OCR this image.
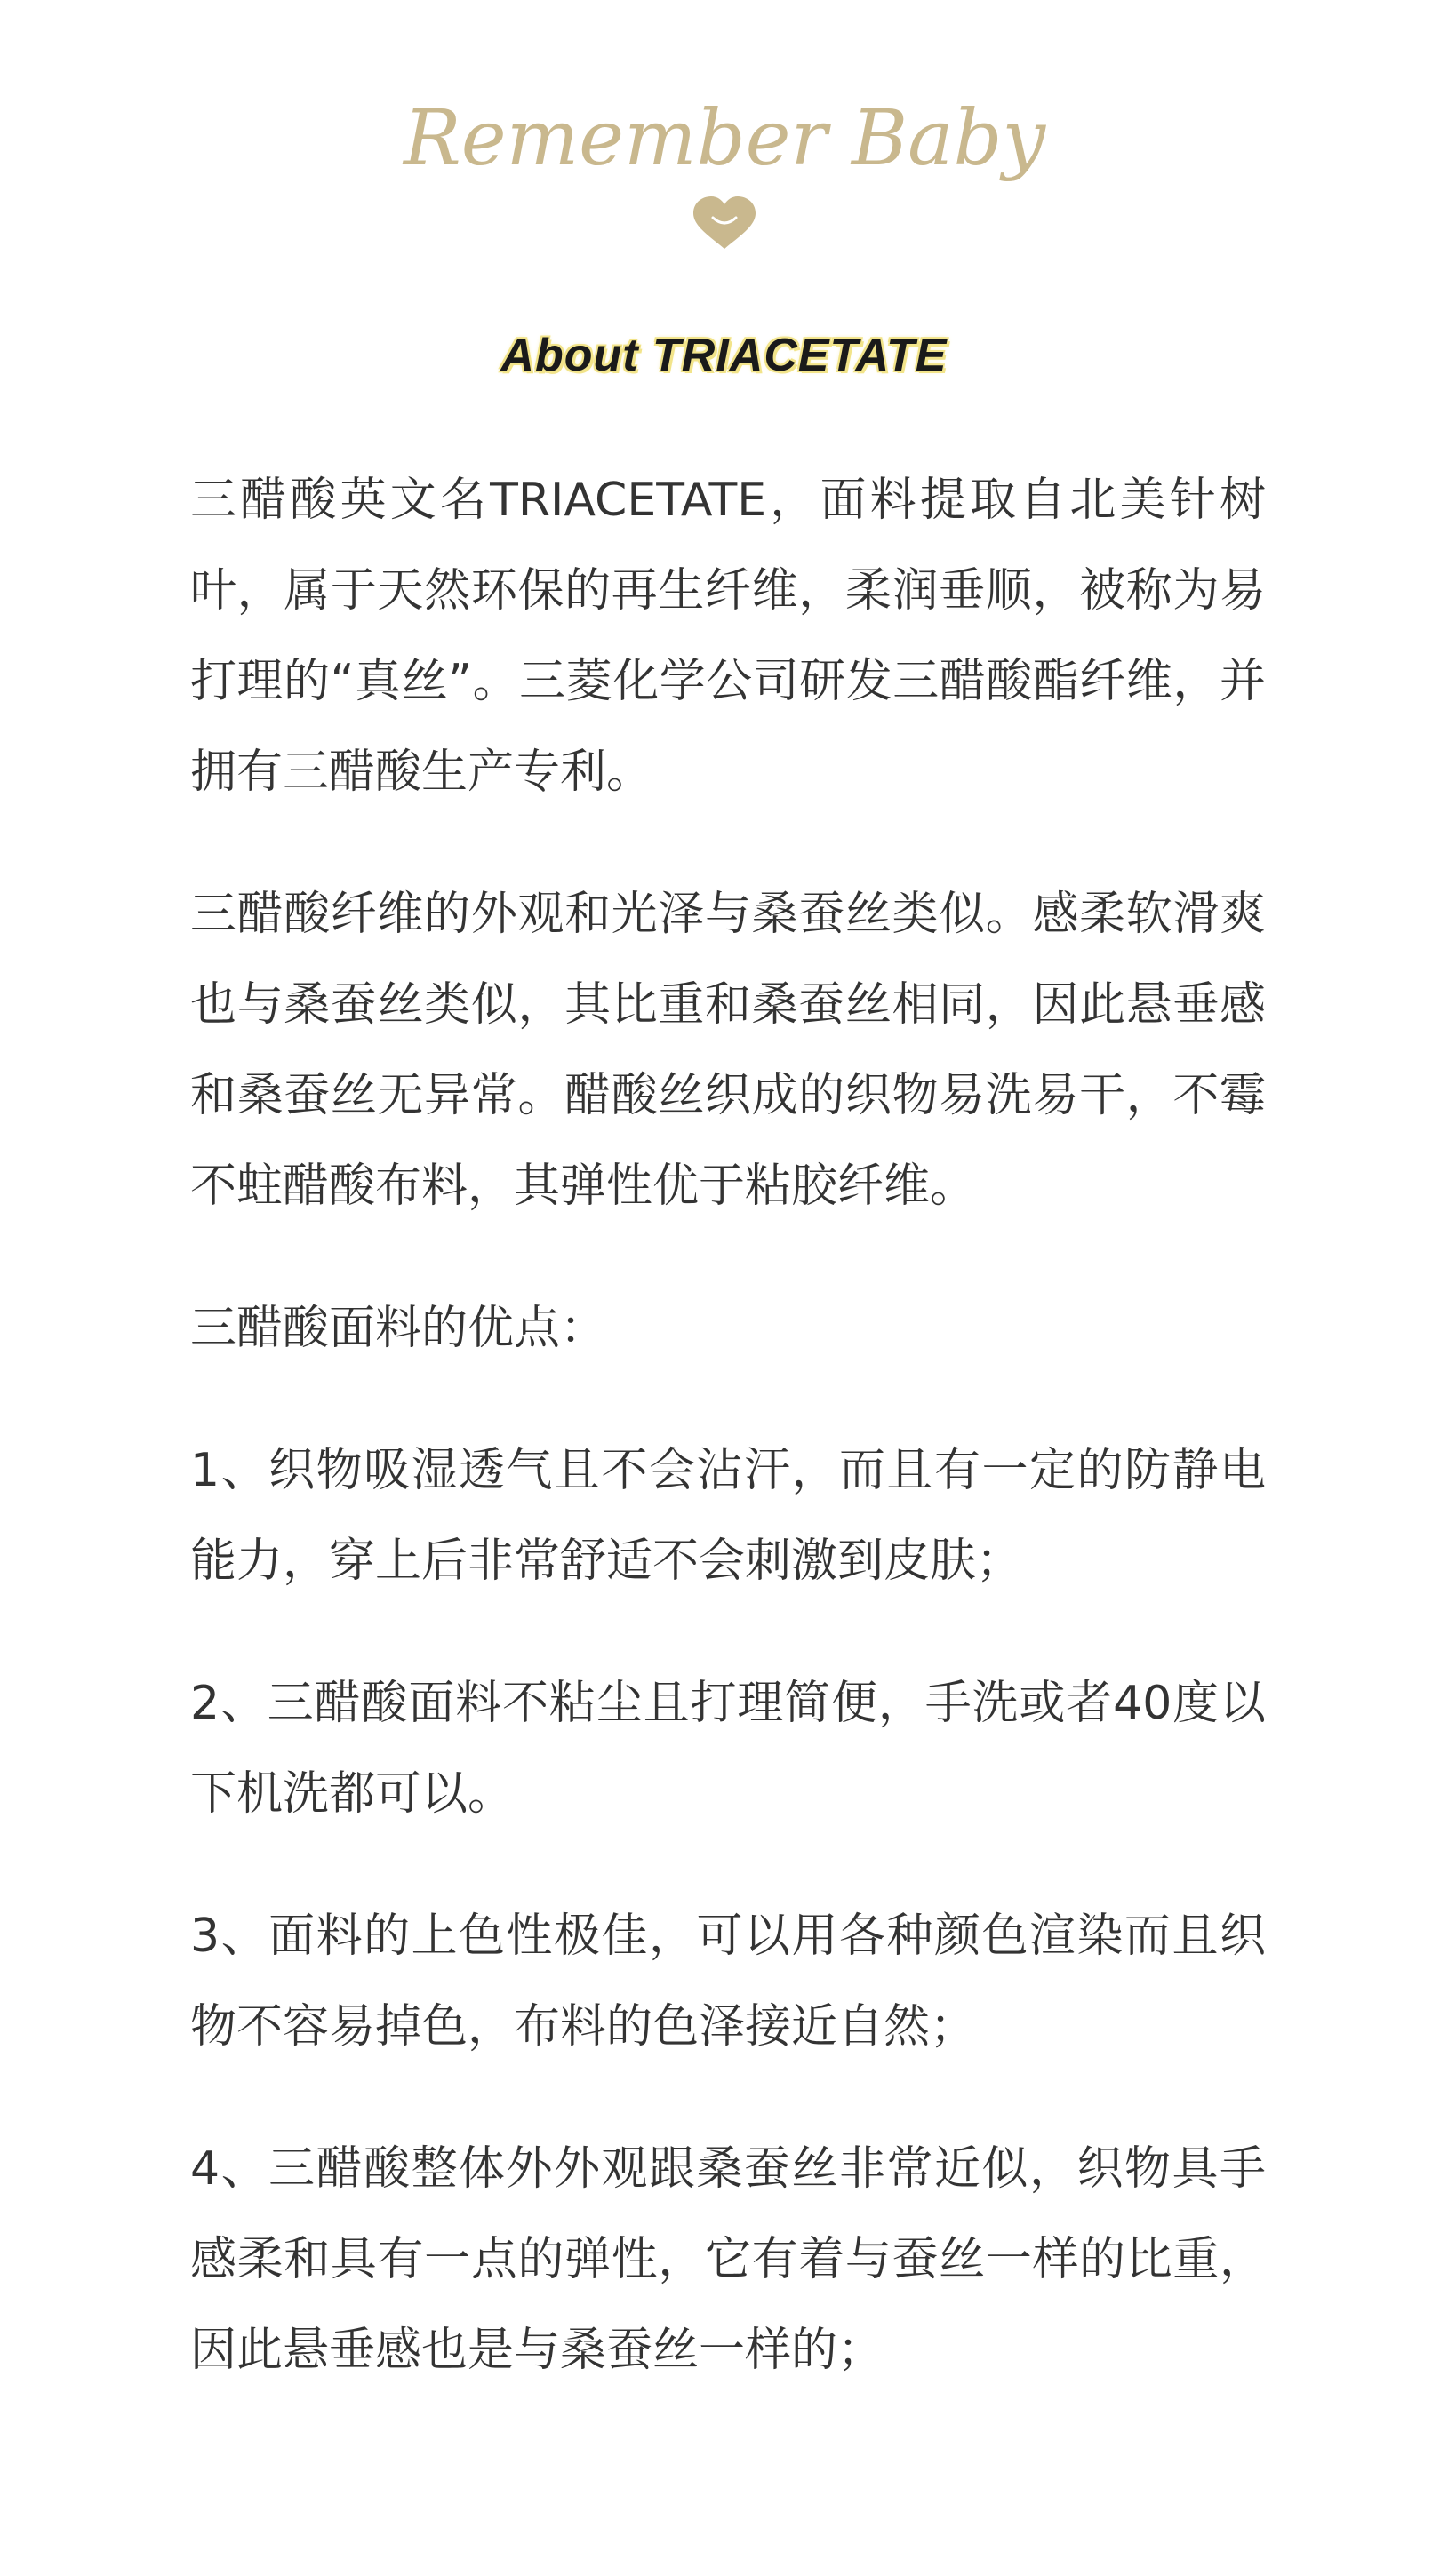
Remember Baby
About TRIACETATE

三醋酸英文名TRIACETATE，面料提取自北美针树叶，属于天然环保的再生纤维，柔润垂顺，被称为易打理的“真丝”。三菱化学公司研发三醋酸酯纤维，并拥有三醋酸生产专利。

三醋酸纤维的外观和光泽与桑蚕丝类似。感柔软滑爽也与桑蚕丝类似，其比重和桑蚕丝相同，因此悬垂感和桑蚕丝无异常。醋酸丝织成的织物易洗易干，不霉不蛀醋酸布料，其弹性优于粘胶纤维。

三醋酸面料的优点：

1、织物吸湿透气且不会沾汗，而且有一定的防静电能力，穿上后非常舒适不会刺激到皮肤；

2、三醋酸面料不粘尘且打理简便，手洗或者40度以下机洗都可以。

3、面料的上色性极佳，可以用各种颜色渲染而且织物不容易掉色，布料的色泽接近自然；

4、三醋酸整体外外观跟桑蚕丝非常近似，织物具手感柔和具有一点的弹性，它有着与蚕丝一样的比重，因此悬垂感也是与桑蚕丝一样的；
